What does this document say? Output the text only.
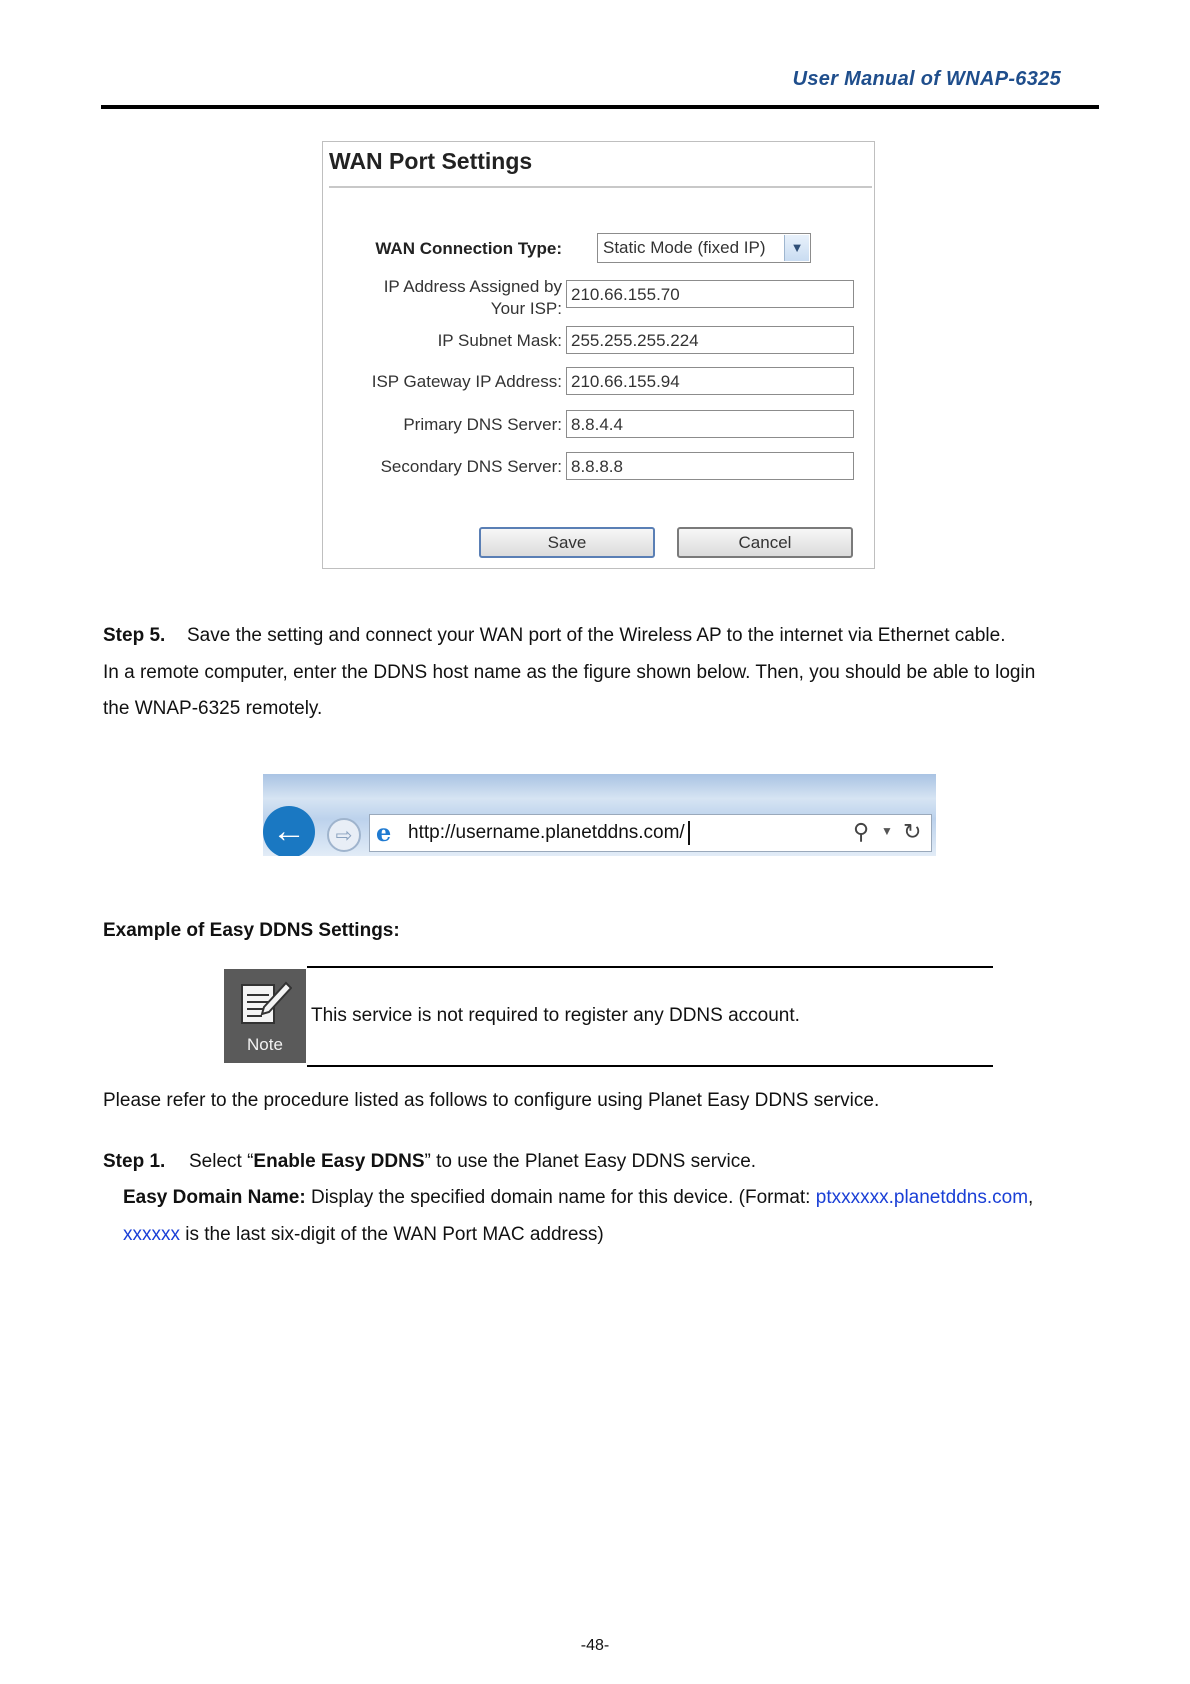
User Manual of WNAP-6325
WAN Port Settings
WAN Connection Type:	Static Mode (fixed IP)	▼
IP Address Assigned by
Your ISP:
210.66.155.70
IP Subnet Mask: 255.255.255.224
ISP Gateway IP Address: 210.66.155.94
Primary DNS Server: 8.8.4.4
Secondary DNS Server: 8.8.8.8
Save	Cancel
Step 5. Save the setting and connect your WAN port of the Wireless AP to the internet via Ethernet cable.
In a remote computer, enter the DDNS host name as the figure shown below. Then, you should be able to login
the WNAP-6325 remotely.
←	⇨ e http://username.planetddns.com/	⚲ ▼ ↻
Example of Easy DDNS Settings:
Note
This service is not required to register any DDNS account.
Please refer to the procedure listed as follows to configure using Planet Easy DDNS service.
Step 1. Select “Enable Easy DDNS” to use the Planet Easy DDNS service.
Easy Domain Name: Display the specified domain name for this device. (Format: ptxxxxxx.planetddns.com,
xxxxxx is the last six-digit of the WAN Port MAC address)
-48-
